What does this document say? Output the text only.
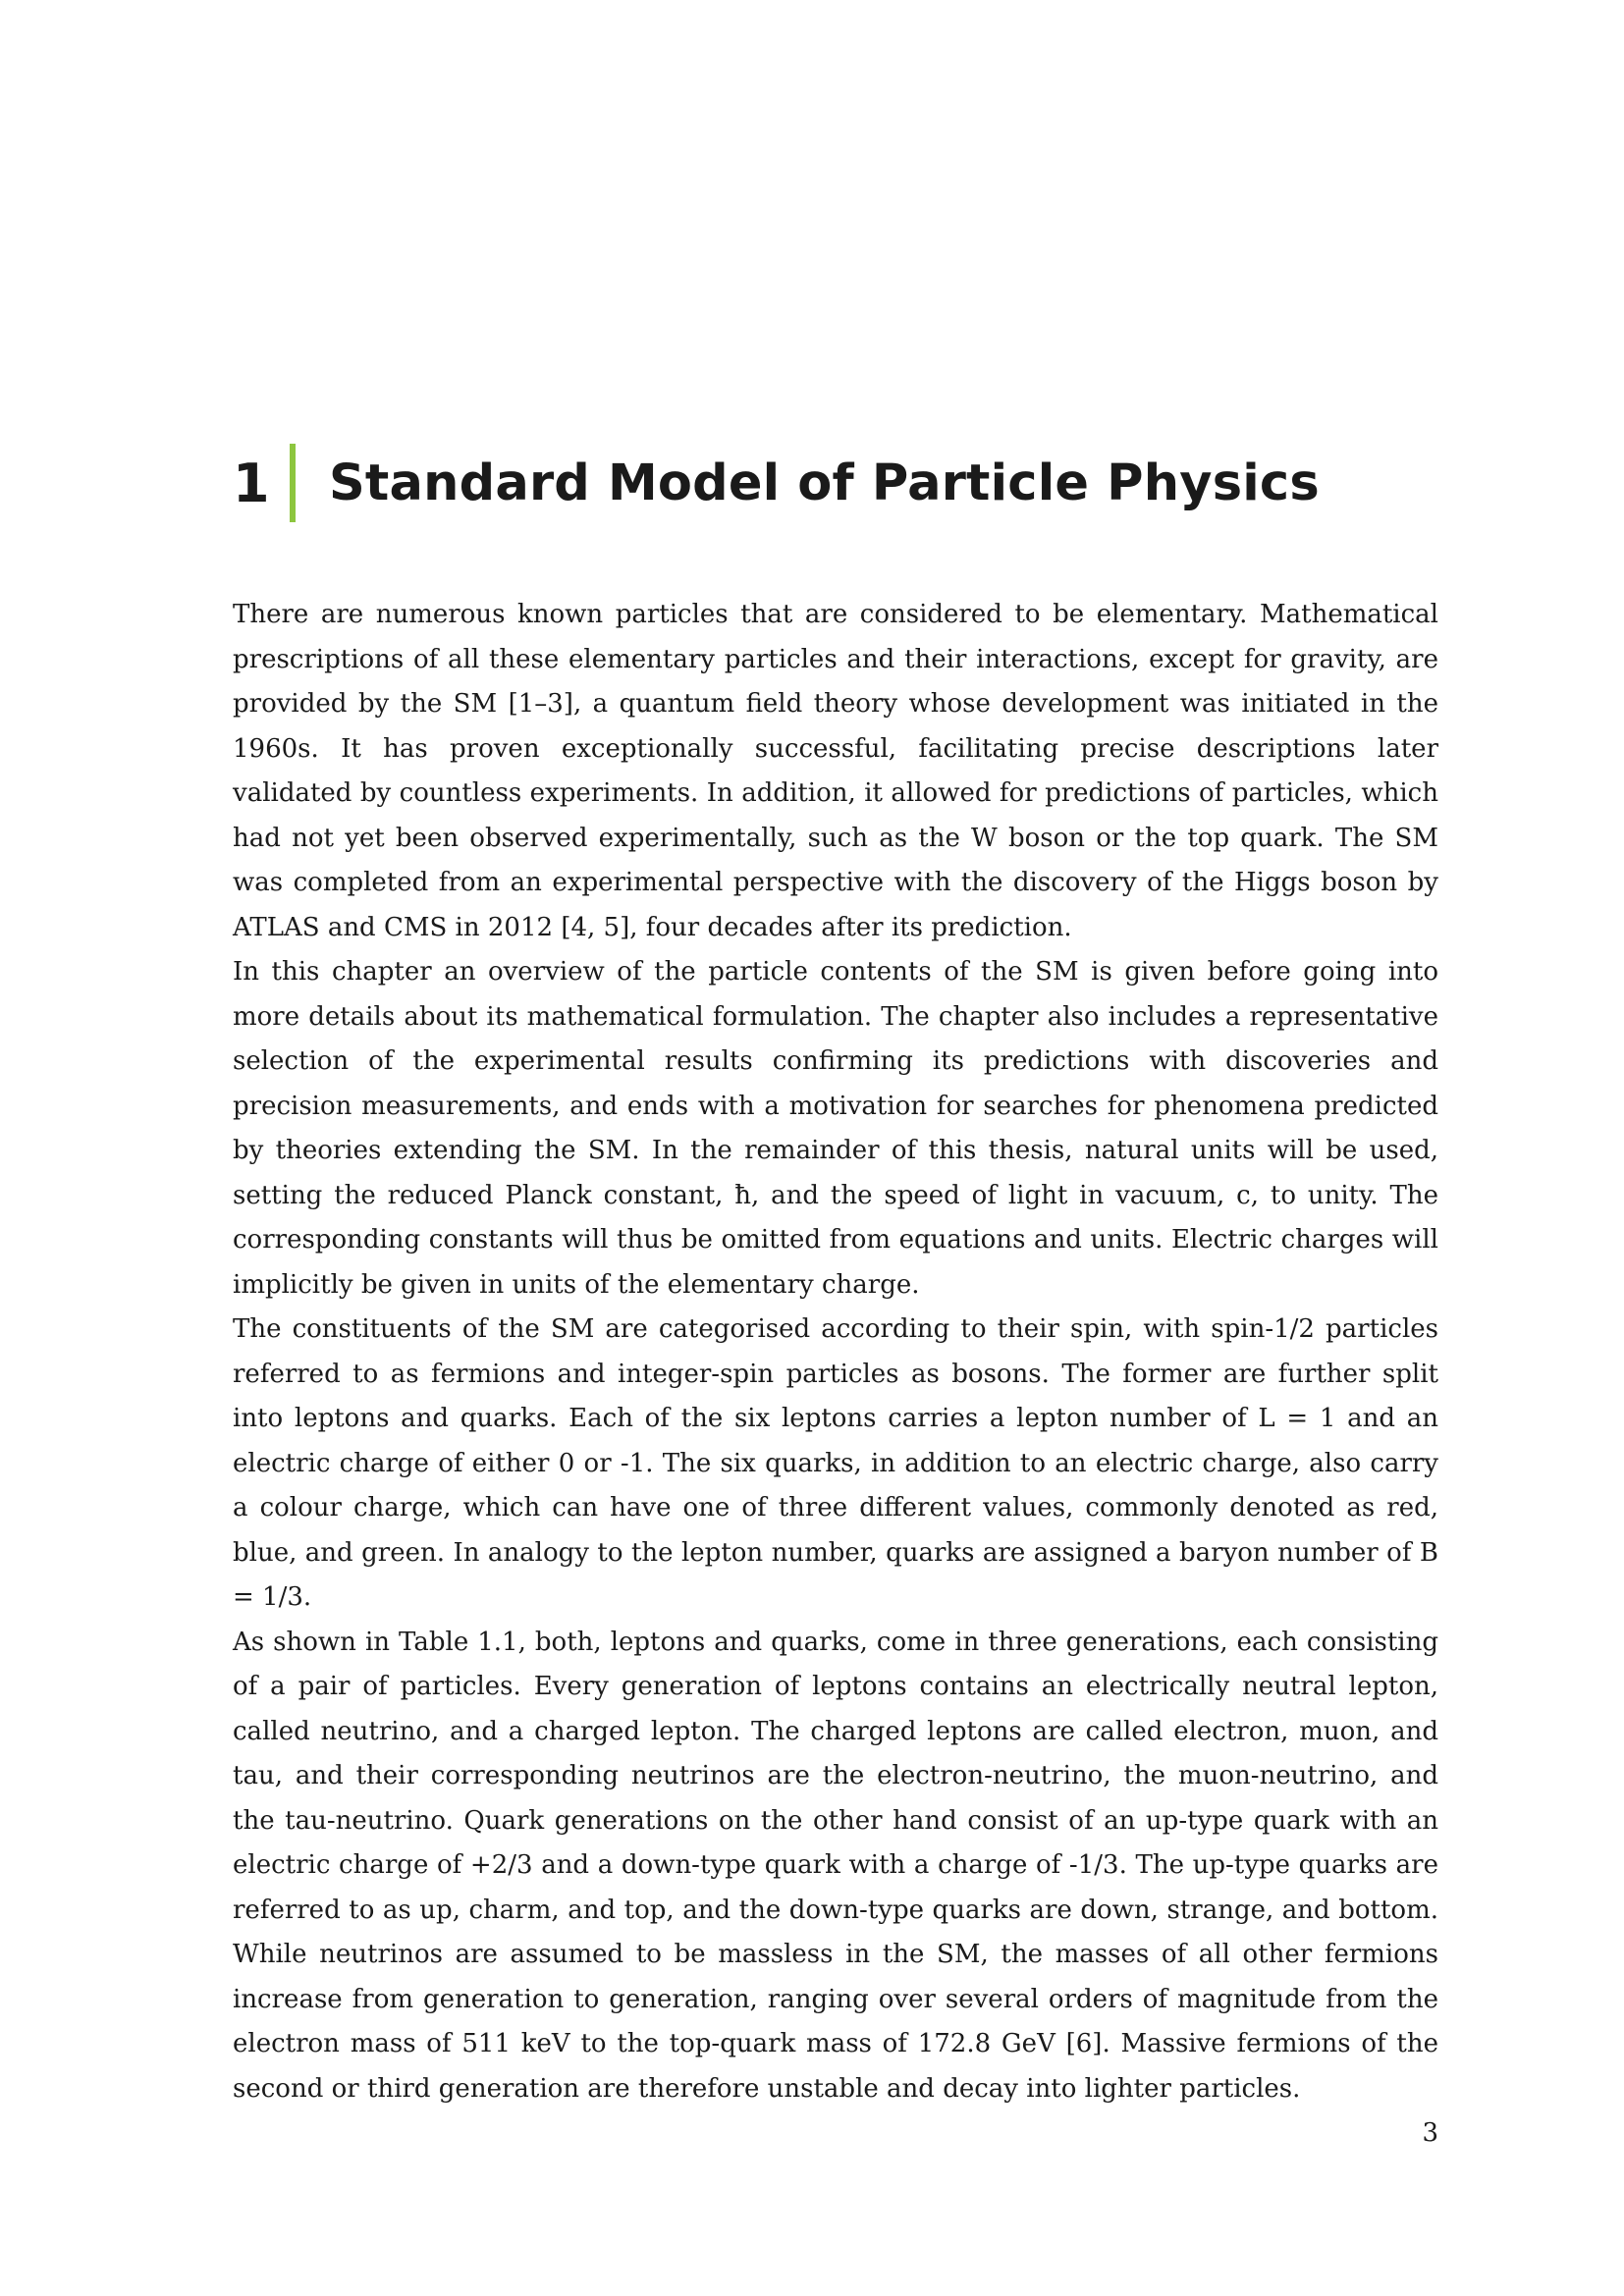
1	Standard Model of Particle Physics

There are numerous known particles that are considered to be elementary. Mathematical prescriptions of all these elementary particles and their interactions, except for gravity, are provided by the SM [1–3], a quantum field theory whose development was initiated in the 1960s. It has proven exceptionally successful, facilitating precise descriptions later validated by countless experiments. In addition, it allowed for predictions of particles, which had not yet been observed experimentally, such as the W boson or the top quark. The SM was completed from an experimental perspective with the discovery of the Higgs boson by ATLAS and CMS in 2012 [4, 5], four decades after its prediction.

In this chapter an overview of the particle contents of the SM is given before going into more details about its mathematical formulation. The chapter also includes a representative selection of the experimental results confirming its predictions with discoveries and precision measurements, and ends with a motivation for searches for phenomena predicted by theories extending the SM. In the remainder of this thesis, natural units will be used, setting the reduced Planck constant, ħ, and the speed of light in vacuum, c, to unity. The corresponding constants will thus be omitted from equations and units. Electric charges will implicitly be given in units of the elementary charge.

The constituents of the SM are categorised according to their spin, with spin-1/2 particles referred to as fermions and integer-spin particles as bosons. The former are further split into leptons and quarks. Each of the six leptons carries a lepton number of L = 1 and an electric charge of either 0 or -1. The six quarks, in addition to an electric charge, also carry a colour charge, which can have one of three different values, commonly denoted as red, blue, and green. In analogy to the lepton number, quarks are assigned a baryon number of B = 1/3.

As shown in Table 1.1, both, leptons and quarks, come in three generations, each consisting of a pair of particles. Every generation of leptons contains an electrically neutral lepton, called neutrino, and a charged lepton. The charged leptons are called electron, muon, and tau, and their corresponding neutrinos are the electron-neutrino, the muon-neutrino, and the tau-neutrino. Quark generations on the other hand consist of an up-type quark with an electric charge of +2/3 and a down-type quark with a charge of -1/3. The up-type quarks are referred to as up, charm, and top, and the down-type quarks are down, strange, and bottom. While neutrinos are assumed to be massless in the SM, the masses of all other fermions increase from generation to generation, ranging over several orders of magnitude from the electron mass of 511 keV to the top-quark mass of 172.8 GeV [6]. Massive fermions of the second or third generation are therefore unstable and decay into lighter particles.

3
